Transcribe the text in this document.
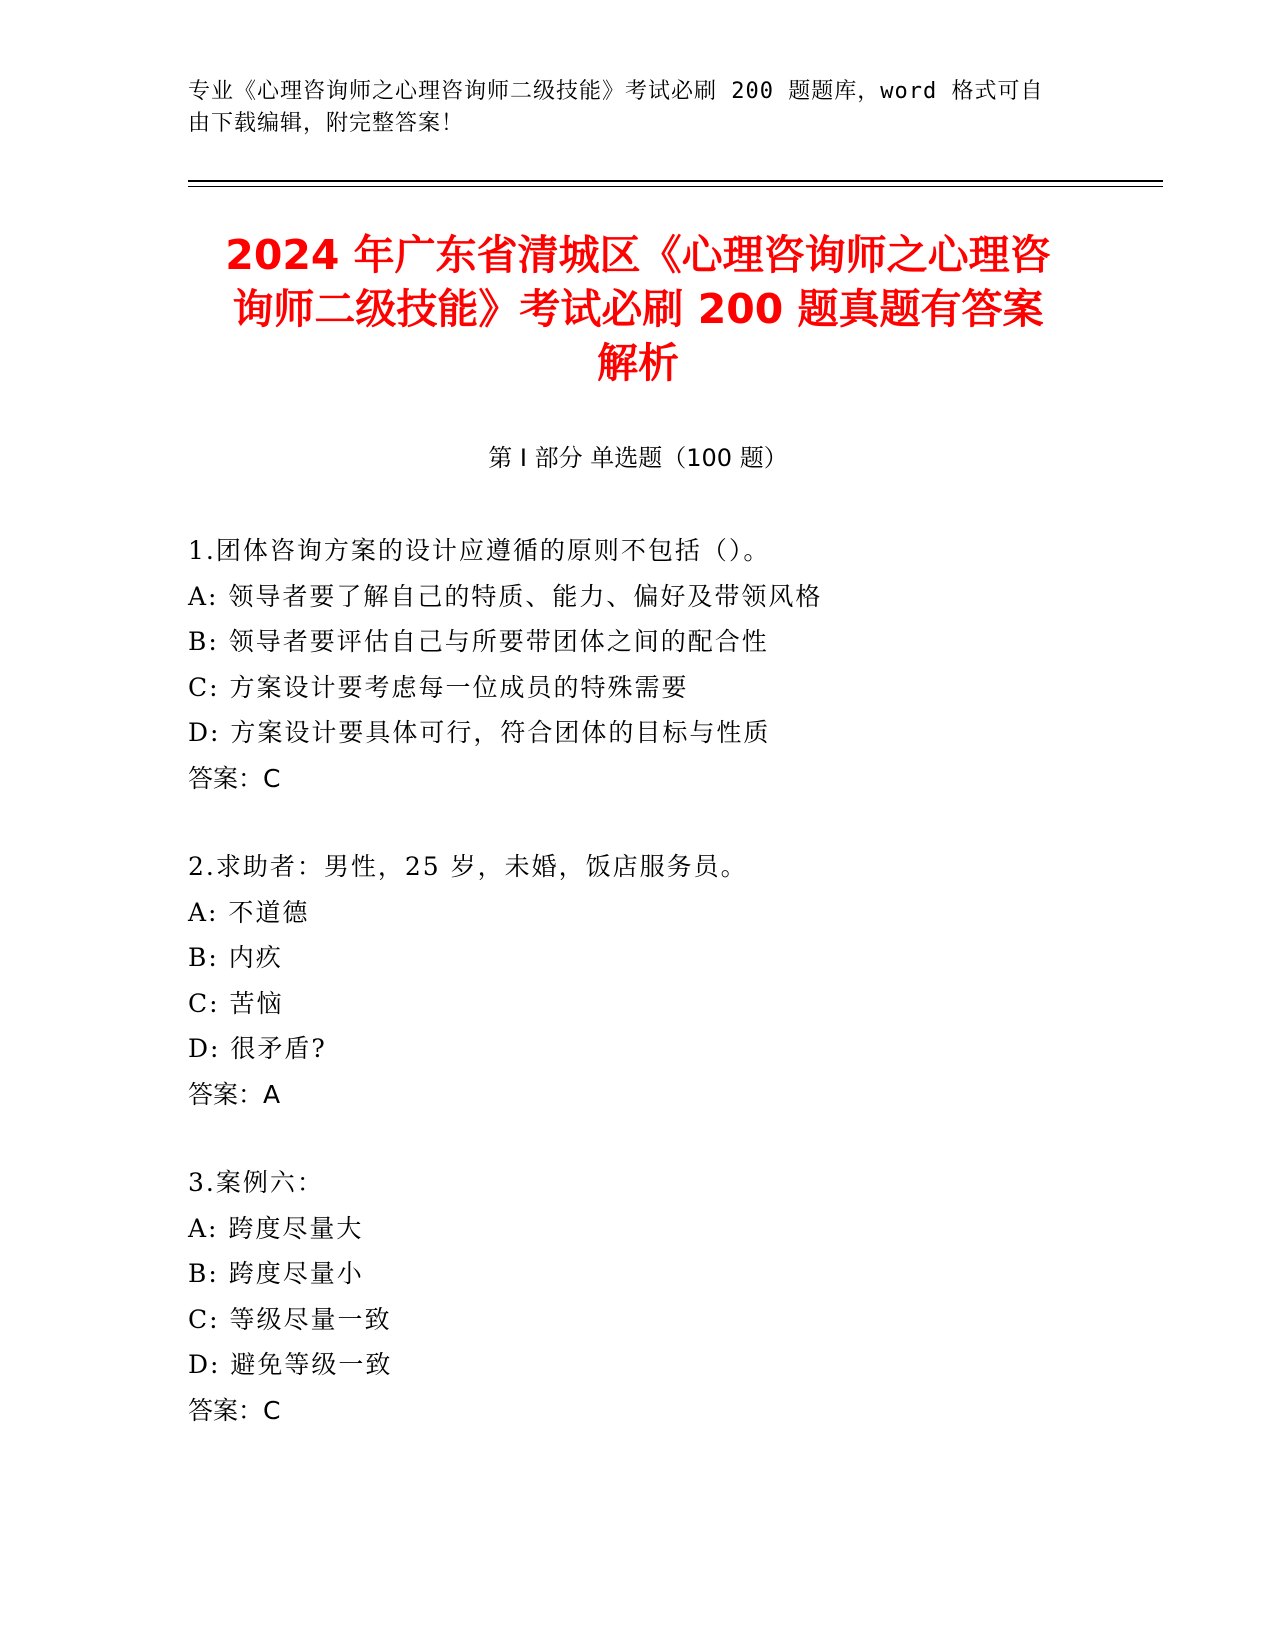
专业《心理咨询师之心理咨询师二级技能》考试必刷 200 题题库，word 格式可自
由下载编辑，附完整答案！
2024 年广东省清城区《心理咨询师之心理咨
询师二级技能》考试必刷 200 题真题有答案
解析
第 I 部分 单选题（100 题）
1.团体咨询方案的设计应遵循的原则不包括（）。
A: 领导者要了解自己的特质、能力、偏好及带领风格
B: 领导者要评估自己与所要带团体之间的配合性
C: 方案设计要考虑每一位成员的特殊需要
D: 方案设计要具体可行，符合团体的目标与性质
答案：C
2.求助者：男性，25 岁，未婚，饭店服务员。
A: 不道德
B: 内疚
C: 苦恼
D: 很矛盾?
答案：A
3.案例六：
A: 跨度尽量大
B: 跨度尽量小
C: 等级尽量一致
D: 避免等级一致
答案：C
